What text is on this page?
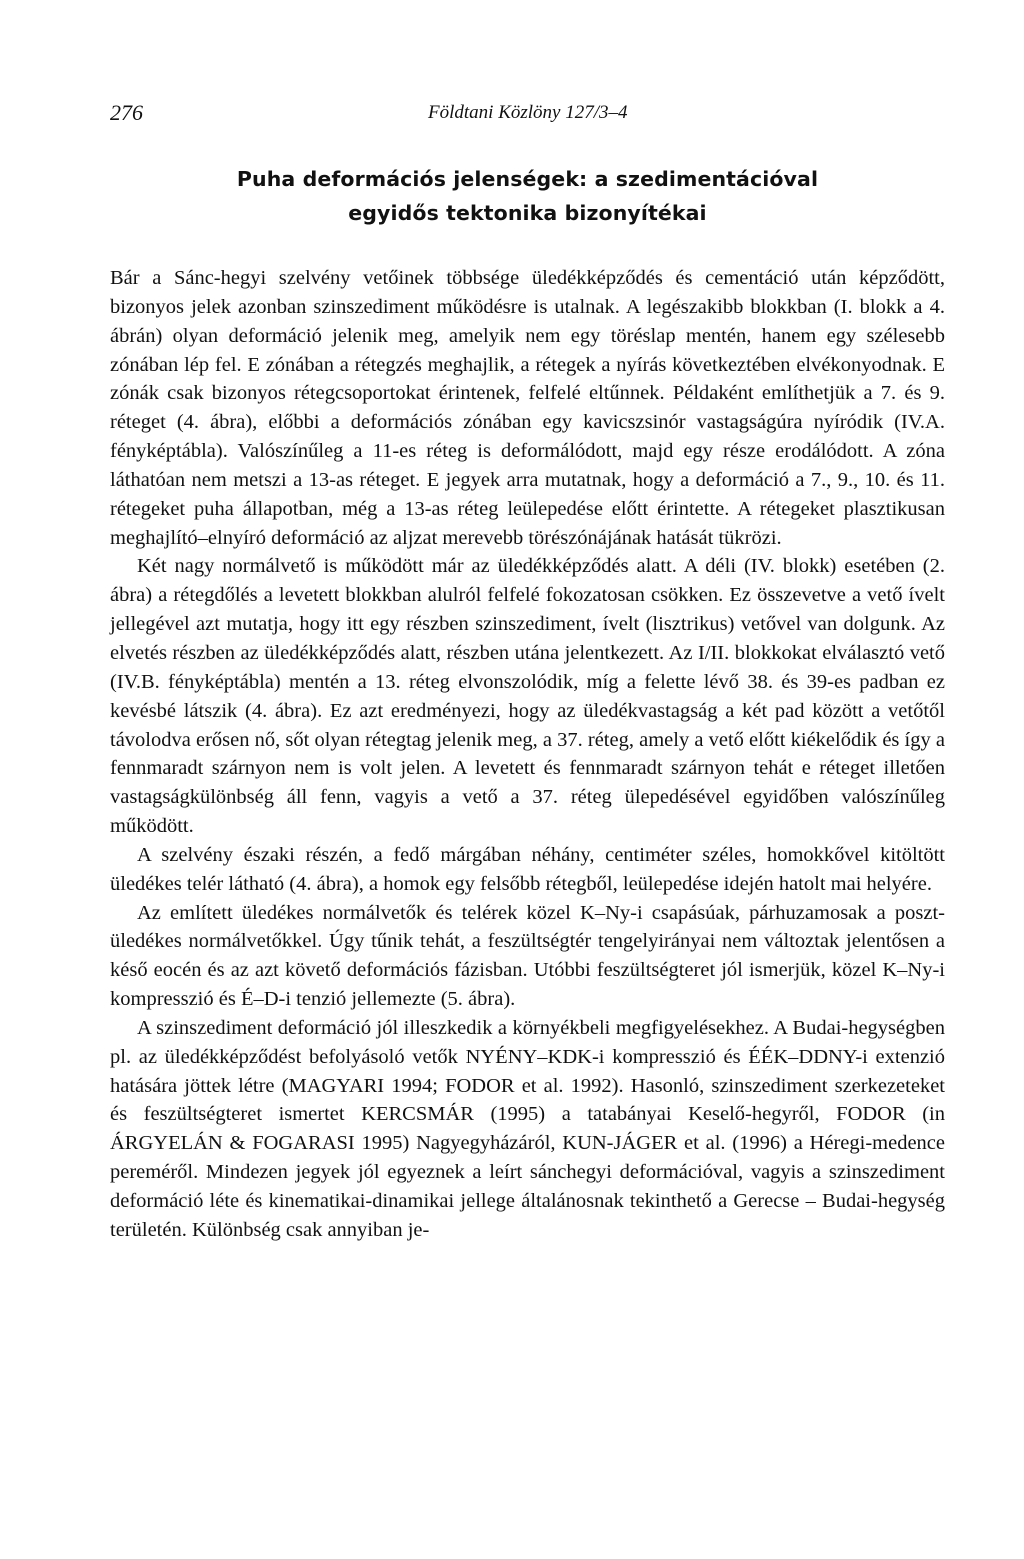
276	Földtani Közlöny 127/3–4
Puha deformációs jelenségek: a szedimentációval
egyidős tektonika bizonyítékai

Bár a Sánc-hegyi szelvény vetőinek többsége üledékképződés és cementáció után képződött, bizonyos jelek azonban szinszediment működésre is utalnak. A legészakibb blokkban (I. blokk a 4. ábrán) olyan deformáció jelenik meg, amelyik nem egy töréslap mentén, hanem egy szélesebb zónában lép fel. E zónában a rétegzés meghajlik, a rétegek a nyírás következtében elvékonyodnak. E zónák csak bizonyos rétegcsoportokat érintenek, felfelé eltűnnek. Példaként említhetjük a 7. és 9. réteget (4. ábra), előbbi a deformációs zónában egy kavicszsinór vastagságúra nyíródik (IV.A. fényképtábla). Valószínűleg a 11-es réteg is deformálódott, majd egy része erodálódott. A zóna láthatóan nem metszi a 13-as réteget. E jegyek arra mutatnak, hogy a deformáció a 7., 9., 10. és 11. rétegeket puha állapotban, még a 13-as réteg leülepedése előtt érintette. A rétegeket plasztikusan meghajlító–elnyíró deformáció az aljzat merevebb törészónájának hatását tükrözi.

Két nagy normálvető is működött már az üledékképződés alatt. A déli (IV. blokk) esetében (2. ábra) a rétegdőlés a levetett blokkban alulról felfelé fokozatosan csökken. Ez összevetve a vető ívelt jellegével azt mutatja, hogy itt egy részben szinszediment, ívelt (lisztrikus) vetővel van dolgunk. Az elvetés részben az üledékképződés alatt, részben utána jelentkezett. Az I/II. blokkokat elválasztó vető (IV.B. fényképtábla) mentén a 13. réteg elvonszolódik, míg a felette lévő 38. és 39-es padban ez kevésbé látszik (4. ábra). Ez azt eredményezi, hogy az üledékvastagság a két pad között a vetőtől távolodva erősen nő, sőt olyan rétegtag jelenik meg, a 37. réteg, amely a vető előtt kiékelődik és így a fennmaradt szárnyon nem is volt jelen. A levetett és fennmaradt szárnyon tehát e réteget illetően vastagságkülönbség áll fenn, vagyis a vető a 37. réteg ülepedésével egyidőben valószínűleg működött.

A szelvény északi részén, a fedő márgában néhány, centiméter széles, homokkővel kitöltött üledékes telér látható (4. ábra), a homok egy felsőbb rétegből, leülepedése idején hatolt mai helyére.

Az említett üledékes normálvetők és telérek közel K–Ny-i csapásúak, párhuzamosak a poszt-üledékes normálvetőkkel. Úgy tűnik tehát, a feszültségtér tengelyirányai nem változtak jelentősen a késő eocén és az azt követő deformációs fázisban. Utóbbi feszültségteret jól ismerjük, közel K–Ny-i kompresszió és É–D-i tenzió jellemezte (5. ábra).

A szinszediment deformáció jól illeszkedik a környékbeli megfigyelésekhez. A Budai-hegységben pl. az üledékképződést befolyásoló vetők NYÉNY–KDK-i kompresszió és ÉÉK–DDNY-i extenzió hatására jöttek létre (MAGYARI 1994; FODOR et al. 1992). Hasonló, szinszediment szerkezeteket és feszültségteret ismertet KERCSMÁR (1995) a tatabányai Keselő-hegyről, FODOR (in ÁRGYELÁN & FOGARASI 1995) Nagyegyházáról, KUN-JÁGER et al. (1996) a Héregi-medence pereméről. Mindezen jegyek jól egyeznek a leírt sánchegyi deformációval, vagyis a szinszediment deformáció léte és kinematikai-dinamikai jellege általánosnak tekinthető a Gerecse – Budai-hegység területén. Különbség csak annyiban je-
